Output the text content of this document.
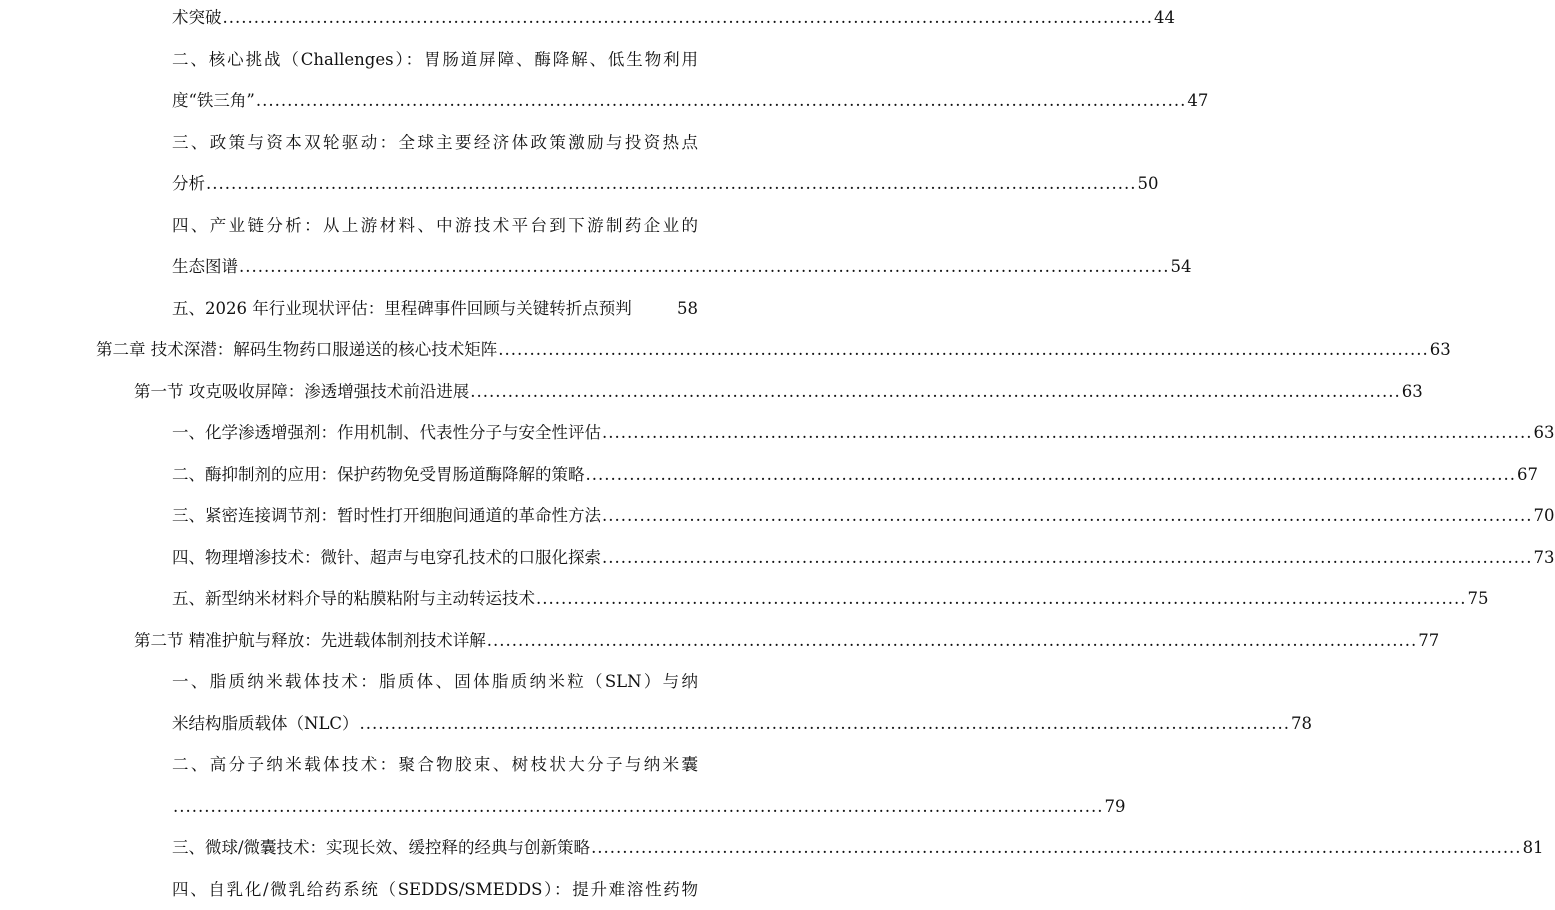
术突破 ..................................................................................................................................................... 44
二、核心挑战（Challenges）：胃肠道屏障、酶降解、低生物利用
度“铁三角” ..................................................................................................................................................... 47
三、政策与资本双轮驱动：全球主要经济体政策激励与投资热点
分析 ..................................................................................................................................................... 50
四、产业链分析：从上游材料、中游技术平台到下游制药企业的
生态图谱 ..................................................................................................................................................... 54
五、2026 年行业现状评估：里程碑事件回顾与关键转折点预判	58
第二章 技术深潜：解码生物药口服递送的核心技术矩阵 ..................................................................................................................................................... 63
第一节 攻克吸收屏障：渗透增强技术前沿进展 ..................................................................................................................................................... 63
一、化学渗透增强剂：作用机制、代表性分子与安全性评估 ..................................................................................................................................................... 63
二、酶抑制剂的应用：保护药物免受胃肠道酶降解的策略 ..................................................................................................................................................... 67
三、紧密连接调节剂：暂时性打开细胞间通道的革命性方法 ..................................................................................................................................................... 70
四、物理增渗技术：微针、超声与电穿孔技术的口服化探索 ..................................................................................................................................................... 73
五、新型纳米材料介导的粘膜粘附与主动转运技术 ..................................................................................................................................................... 75
第二节 精准护航与释放：先进载体制剂技术详解 ..................................................................................................................................................... 77
一、脂质纳米载体技术：脂质体、固体脂质纳米粒（SLN）与纳
米结构脂质载体（NLC） ..................................................................................................................................................... 78
二、高分子纳米载体技术：聚合物胶束、树枝状大分子与纳米囊
..................................................................................................................................................... 79
三、微球/微囊技术：实现长效、缓控释的经典与创新策略 ..................................................................................................................................................... 81
四、自乳化/微乳给药系统（SEDDS/SMEDDS）：提升难溶性药物
